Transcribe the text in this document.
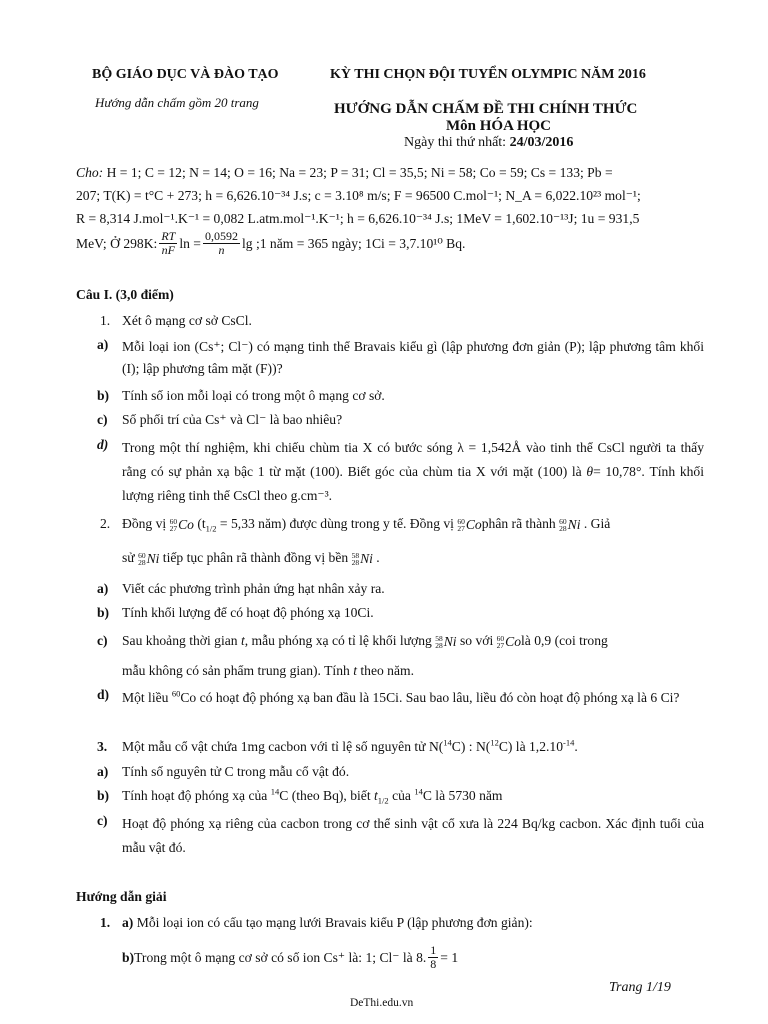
BỘ GIÁO DỤC VÀ ĐÀO TẠO
Hướng dẫn chấm gồm 20 trang
KỲ THI CHỌN ĐỘI TUYỂN OLYMPIC NĂM 2016
HƯỚNG DẪN CHẤM ĐỀ THI CHÍNH THỨC
Môn HÓA HỌC
Ngày thi thứ nhất: 24/03/2016
Cho: H = 1; C = 12; N = 14; O = 16; Na = 23; P = 31; Cl = 35,5; Ni = 58; Co = 59; Cs = 133; Pb =
207; T(K) = t°C + 273; h = 6,626.10⁻³⁴ J.s; c = 3.10⁸ m/s; F = 96500 C.mol⁻¹; N_A = 6,022.10²³ mol⁻¹;
R = 8,314 J.mol⁻¹.K⁻¹ = 0,082 L.atm.mol⁻¹.K⁻¹; h = 6,626.10⁻³⁴ J.s; 1MeV = 1,602.10⁻¹³J; 1u = 931,5
MeV; Ở 298K: $\frac{RT}{nF}$ $\ln = \frac{0,0592}{n}$ lg ;1 năm = 365 ngày; 1Ci = 3,7.10¹⁰ Bq.
Câu I. (3,0 điểm)
1. Xét ô mạng cơ sở CsCl.
a) Mỗi loại ion (Cs⁺; Cl⁻) có mạng tinh thể Bravais kiểu gì (lập phương đơn giản (P); lập phương tâm khối (I); lập phương tâm mặt (F))?
b) Tính số ion mỗi loại có trong một ô mạng cơ sở.
c) Số phối trí của Cs⁺ và Cl⁻ là bao nhiêu?
d) Trong một thí nghiệm, khi chiếu chùm tia X có bước sóng λ = 1,542Å vào tinh thể CsCl người ta thấy rằng có sự phản xạ bậc 1 từ mặt (100). Biết góc của chùm tia X với mặt (100) là θ= 10,78°. Tính khối lượng riêng tinh thể CsCl theo g.cm⁻³.
2. Đồng vị 60
27 Co ($t_{1/2} = 5,33$ năm) được dùng trong y tế. Đồng vị 60
27 Co phân rã thành 60
28 Ni . Giả
sử 60
28 Ni tiếp tục phân rã thành đồng vị bền 58
28 Ni .
a) Viết các phương trình phản ứng hạt nhân xảy ra.
b) Tính khối lượng để có hoạt độ phóng xạ 10Ci.
c) Sau khoảng thời gian t, mẫu phóng xạ có tỉ lệ khối lượng 58
28 Ni so với 60
27 Co là 0,9 (coi trong
mẫu không có sản phẩm trung gian). Tính t theo năm.
d) Một liều $^{60}$Co có hoạt độ phóng xạ ban đầu là 15Ci. Sau bao lâu, liều đó còn hoạt độ phóng xạ là 6 Ci?
3. Một mẫu cổ vật chứa 1mg cacbon với tỉ lệ số nguyên tử N($^{14}$C) : N($^{12}$C) là $1,2.10^{-14}$.
a) Tính số nguyên tử C trong mẫu cổ vật đó.
b) Tính hoạt độ phóng xạ của $^{14}$C (theo Bq), biết $t_{1/2}$ của $^{14}$C là 5730 năm
c) Hoạt độ phóng xạ riêng của cacbon trong cơ thể sinh vật cổ xưa là 224 Bq/kg cacbon. Xác định tuổi của mẫu vật đó.
Hướng dẫn giải
1. a) Mỗi loại ion có cấu tạo mạng lưới Bravais kiểu P (lập phương đơn giản):
b) Trong một ô mạng cơ sở có số ion Cs⁺ là: 1; Cl⁻ là 8. $\frac{1}{8} = 1$
Trang 1/19
DeThi.edu.vn
